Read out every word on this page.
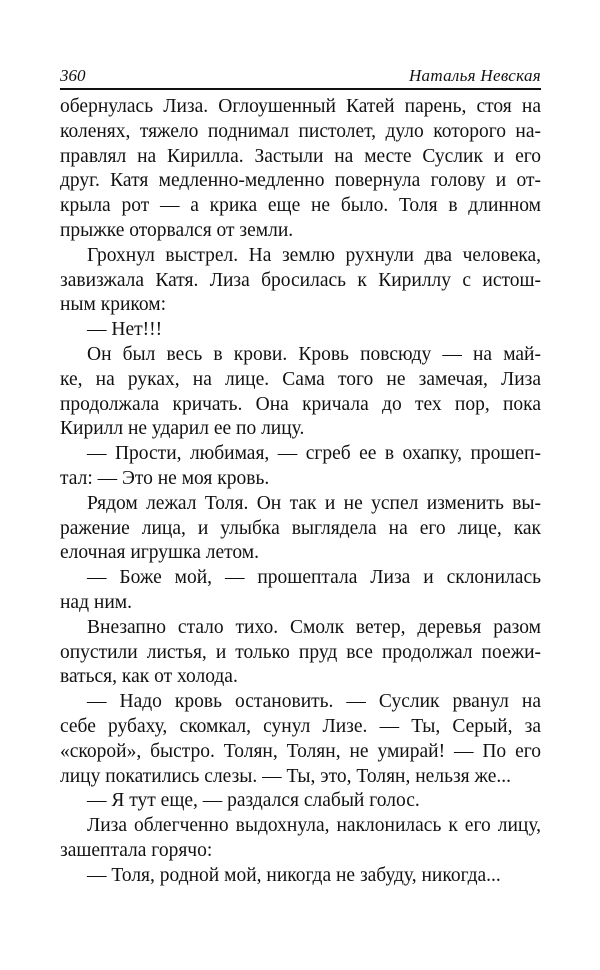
360	Наталья Невская
обернулась Лиза. Оглоушенный Катей парень, стоя на
коленях, тяжело поднимал пистолет, дуло которого на-
правлял на Кирилла. Застыли на месте Суслик и его
друг. Катя медленно-медленно повернула голову и от-
крыла рот — а крика еще не было. Толя в длинном
прыжке оторвался от земли.
Грохнул выстрел. На землю рухнули два человека,
завизжала Катя. Лиза бросилась к Кириллу с истош-
ным криком:
— Нет!!!
Он был весь в крови. Кровь повсюду — на май-
ке, на руках, на лице. Сама того не замечая, Лиза
продолжала кричать. Она кричала до тех пор, пока
Кирилл не ударил ее по лицу.
— Прости, любимая, — сгреб ее в охапку, прошеп-
тал: — Это не моя кровь.
Рядом лежал Толя. Он так и не успел изменить вы-
ражение лица, и улыбка выглядела на его лице, как
елочная игрушка летом.
— Боже мой, — прошептала Лиза и склонилась
над ним.
Внезапно стало тихо. Смолк ветер, деревья разом
опустили листья, и только пруд все продолжал поежи-
ваться, как от холода.
— Надо кровь остановить. — Суслик рванул на
себе рубаху, скомкал, сунул Лизе. — Ты, Серый, за
«скорой», быстро. Толян, Толян, не умирай! — По его
лицу покатились слезы. — Ты, это, Толян, нельзя же...
— Я тут еще, — раздался слабый голос.
Лиза облегченно выдохнула, наклонилась к его лицу,
зашептала горячо:
— Толя, родной мой, никогда не забуду, никогда...
